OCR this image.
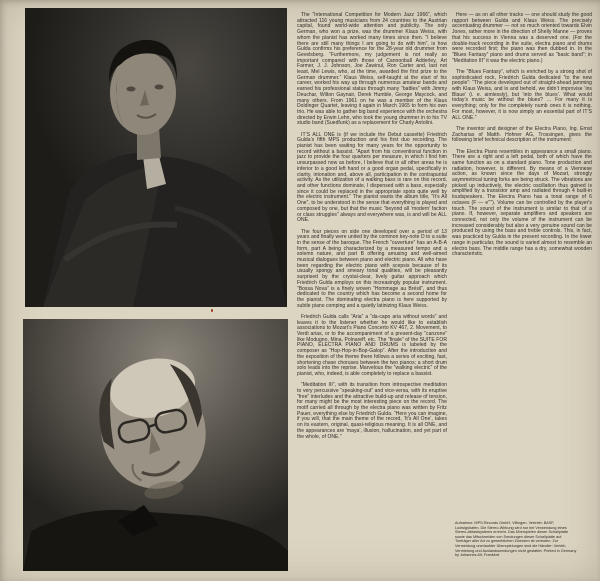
The “International Competition for Modern Jazz 1966”, which attracted 116 young musicians from 24 countries to the Austrian capital, found world-wide attention and publicity. The only German, who won a prize, was the drummer Klaus Weiss, with whom the pianist has worked many times since then. “I believe there are still many things I am going to do with him”, is how Gulda confirms his preference for the 28-year old drummer from Gevelsberg. “Furthermore, my judgement is not really so important compared with those of Cannonball Adderley, Art Farmer, J. J. Johnson, Joe Zawinul, Ron Carter and, last not least, Mel Lewis, who, at the time, awarded the first prize to the German drummer.” Klaus Weiss, self-taught at the start of his career, worked his way up through numerous amateur bands and earned his professional status through many “battles” with Jimmy Deuchar, Wilton Gaynair, Derek Humble, George Maycock, and many others. From 1961 on he was a member of the Klaus Doldinger Quartet, leaving it again in March 1965 to form his own trio. He was able to gather big band experience with the orchestra directed by Erwin Lehn, who took the young drummer in to his TV studio band (Suedfunk) as a replacement for Charly Antolini.

IT’S ALL ONE is (if we include the Debut cassette) Friedrich Gulda’s fifth MPS production and his first duo recording. The pianist has been waiting for many years for the opportunity to record without a bassist. “Apart from his conventional function in jazz to provide the four quarters per measure, in which I find him unsurpassed now as before, I believe that in all other areas he is inferior to a good left hand or a good organ pedal, specifically in clarity, intonation and, above all, participation in the contrapuntal activity. As the utilization of a walking bass is rare on this record, and other functions dominate, I dispensed with a bass, especially since it could be replaced in the appropriate spots quite well by the electric instrument.” The pianist wants the album title, “It’s All One”, to be understood in the sense that everything is played and composed by one, but that the music “beyond all ‘modern’ faction or class struggles” always and everywhere was, is and will be ALL ONE.

The four pieces on side one developed over a period of 13 years and finally were united by the common key-note D to a suite in the sense of the baroque. The French “ouverture” has an A-B-A form, part A being characterized by a measured tempo and a solemn nature, and part B offering amusing and well-aimed musical dialogues between piano and electric piano. All who have been regarding the electric piano with scepsis because of its usually spongy and smeary tonal qualities, will be pleasantly surprised by the crystal-clear, lively guitar approach which Friedrich Gulda employs on this increasingly popular instrument. “Bossa Nova” is a finely woven “Hommage au Brésil”, and thus dedicated to the country which has become a second home for the pianist. The dominating electra piano is here supported by subtle piano comping and a quietly latinizing Klaus Weiss.

Friedrich Gulda calls “Aria” a “da-capo aria without words” and leaves it to the listener whether he would like to establish associations to Mozart’s Piano Concerto KV 467, 2. Movement, to Verdi arias, or to the accompaniment of a present-day “canzone” like Modugno, Mina, Polnareff, etc. The “finale” of the SUITE FOR PIANO, ELECTRA PIANO AND DRUMS is labeled by the composer as “Hop-Hop-in-Bop-Galop”. After the introduction and the exposition of the theme there follows a series of exciting, fast, shortening chase choruses between the two pianos; a short drum solo leads into the reprise. Marvelous the “walking electric” of the pianist, who, indeed, is able completely to replace a bassist.

“Meditation III”, with its transition from introspective meditation to very percussive “speaking-out” and vice-versa, with its eruptive “free” interludes and the attractive build-up and release of tension, for many might be the most interesting piece on the record. The motif carried all through by the electra piano was written by Fritz Pauer, everything else by Friedrich Gulda. “Here you can imagine, if you will, that the main theme of the record, ‘It’s All One’, takes on its eastern, original, quasi-religious meaning. It is all ONE, and the appearances are ‘maya’, illusion, hallucination, and yet part of the whole, of ONE.”

Here — as on all other tracks — one should study the good rapport between Gulda and Klaus Weiss. The precisely accentuating drummer — not so much oriented towards Elvin Jones, rather more in the direction of Shelly Manne — proves that his success in Vienna was a deserved one. (For the double-track recording in the suite, electra piano and drums were recorded first; the piano was then dubbed in. In the “Blues Fantasy” piano and drums served as “basic band”; in “Meditation III” it was the electric piano.)

The “Blues Fantasy”, which is enriched by a strong shot of sophisticated rock, Friedrich Gulda dedicated “to the new people”: “The piece developed out of straight-ahead jamming with Klaus Weiss, and lo and behold, we didn’t improvise ‘ins Blaue’ (i. e. aimlessly), but ‘into the blues’. What would today’s music be without the blues? … For many it is everything; only for the completely numb ones it is nothing. For most, however, it is now simply an essential part of IT’S ALL ONE.”

The inventor and designer of the Electra Piano, Ing. Ernst Zacharias of Matth. Hohner AG, Trossingen, gives the following brief technical description of the instrument:

The Electra Piano resembles in appearance a small piano. There are a right and a left pedal, both of which have the same function as on a standard piano. Tone production and radiation, however, is different. By means of a Viennese action, as known since the days of Mozart, strongly asymmetrical tuning forks are being struck. The vibrations are picked up inductively, the electric oscillation thus gained is amplified by a transistor amp and radiated through 4 built-in loudspeakers. The Electra Piano has a tonal range of 6 octaves (F — e''''). Volume can be controlled by the player's touch. The sound of the instrument is similar to that of a piano. If, however, separate amplifiers and speakers are connected, not only the volume of the instrument can be increased considerably but also a very genuine sound can be produced by using the bass and treble controls. This, in fact, was practiced by Gulda in the present recording. In the lower range in particular, the sound is varied almost to resemble an electro bass. The middle range has a dry, somewhat wooden characteristic.

Aufnahme: MPS-Records GmbH, Villingen. Vertrieb: BASF, Ludwigshafen. Die Stereo-Wirkung wird nur bei Verwendung eines Stereo-Abtastsystems erreicht. Das Überspielen dieser Schallplatte sowie das Mitschneiden von Sendungen dieser Schallplatte auf Tonträger aller Art zu gewerblichen Zwecken ist verboten. Zur Vermeidung unerlaubter Überspielungen sind die Händler: Verleih, Vermietung und Auslandssendungen nicht gestattet. Printed in Germany by Johannes Alt, Frankfurt
